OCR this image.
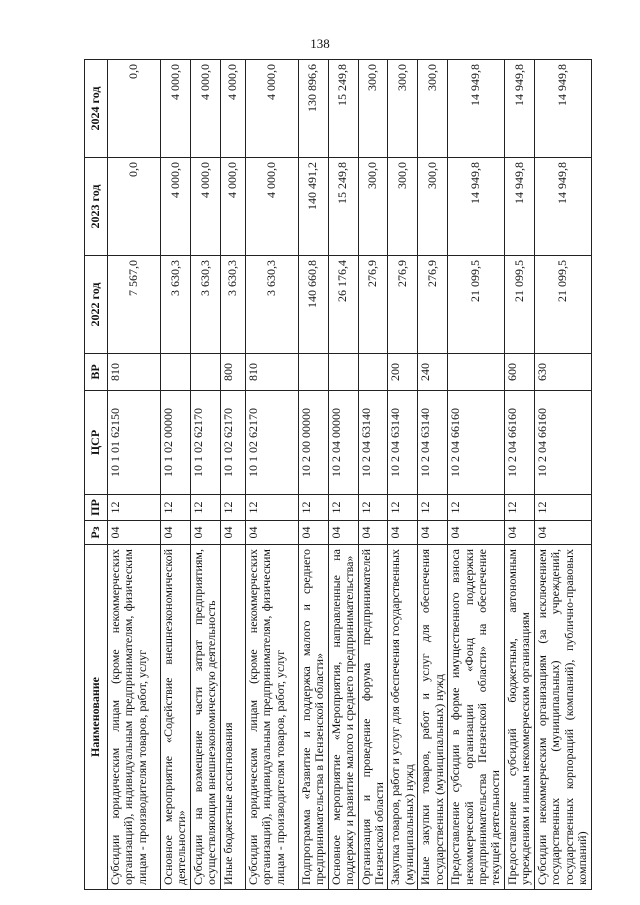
138
Наименование	Рз	ПР	ЦСР	ВР	2022 год	2023 год	2024 год
Субсидии юридическим лицам (кроме некоммерческих организаций), индивидуальным предпринимателям, физическим лицам - производителям товаров, работ, услуг	04	12	10 1 01 62150	810	7 567,0	0,0	0,0
Основное мероприятие «Содействие внешнеэкономической деятельности»	04	12	10 1 02 00000		3 630,3	4 000,0	4 000,0
Субсидии на возмещение части затрат предприятиям, осуществляющим внешнеэкономическую деятельность	04	12	10 1 02 62170		3 630,3	4 000,0	4 000,0
Иные бюджетные ассигнования	04	12	10 1 02 62170	800	3 630,3	4 000,0	4 000,0
Субсидии юридическим лицам (кроме некоммерческих организаций), индивидуальным предпринимателям, физическим лицам - производителям товаров, работ, услуг	04	12	10 1 02 62170	810	3 630,3	4 000,0	4 000,0
Подпрограмма «Развитие и поддержка малого и среднего предпринимательства в Пензенской области»	04	12	10 2 00 00000		140 660,8	140 491,2	130 896,6
Основное мероприятие «Мероприятия, направленные на поддержку и развитие малого и среднего предпринимательства»	04	12	10 2 04 00000		26 176,4	15 249,8	15 249,8
Организация и проведение форума предпринимателей Пензенской области	04	12	10 2 04 63140		276,9	300,0	300,0
Закупка товаров, работ и услуг для обеспечения государственных (муниципальных) нужд	04	12	10 2 04 63140	200	276,9	300,0	300,0
Иные закупки товаров, работ и услуг для обеспечения государственных (муниципальных) нужд	04	12	10 2 04 63140	240	276,9	300,0	300,0
Предоставление субсидии в форме имущественного взноса некоммерческой организации «Фонд поддержки предпринимательства Пензенской области» на обеспечение текущей деятельности	04	12	10 2 04 66160		21 099,5	14 949,8	14 949,8
Предоставление субсидий бюджетным, автономным учреждениям и иным некоммерческим организациям	04	12	10 2 04 66160	600	21 099,5	14 949,8	14 949,8
Субсидии некоммерческим организациям (за исключением государственных (муниципальных) учреждений, государственных корпораций (компаний), публично-правовых компаний)	04	12	10 2 04 66160	630	21 099,5	14 949,8	14 949,8
